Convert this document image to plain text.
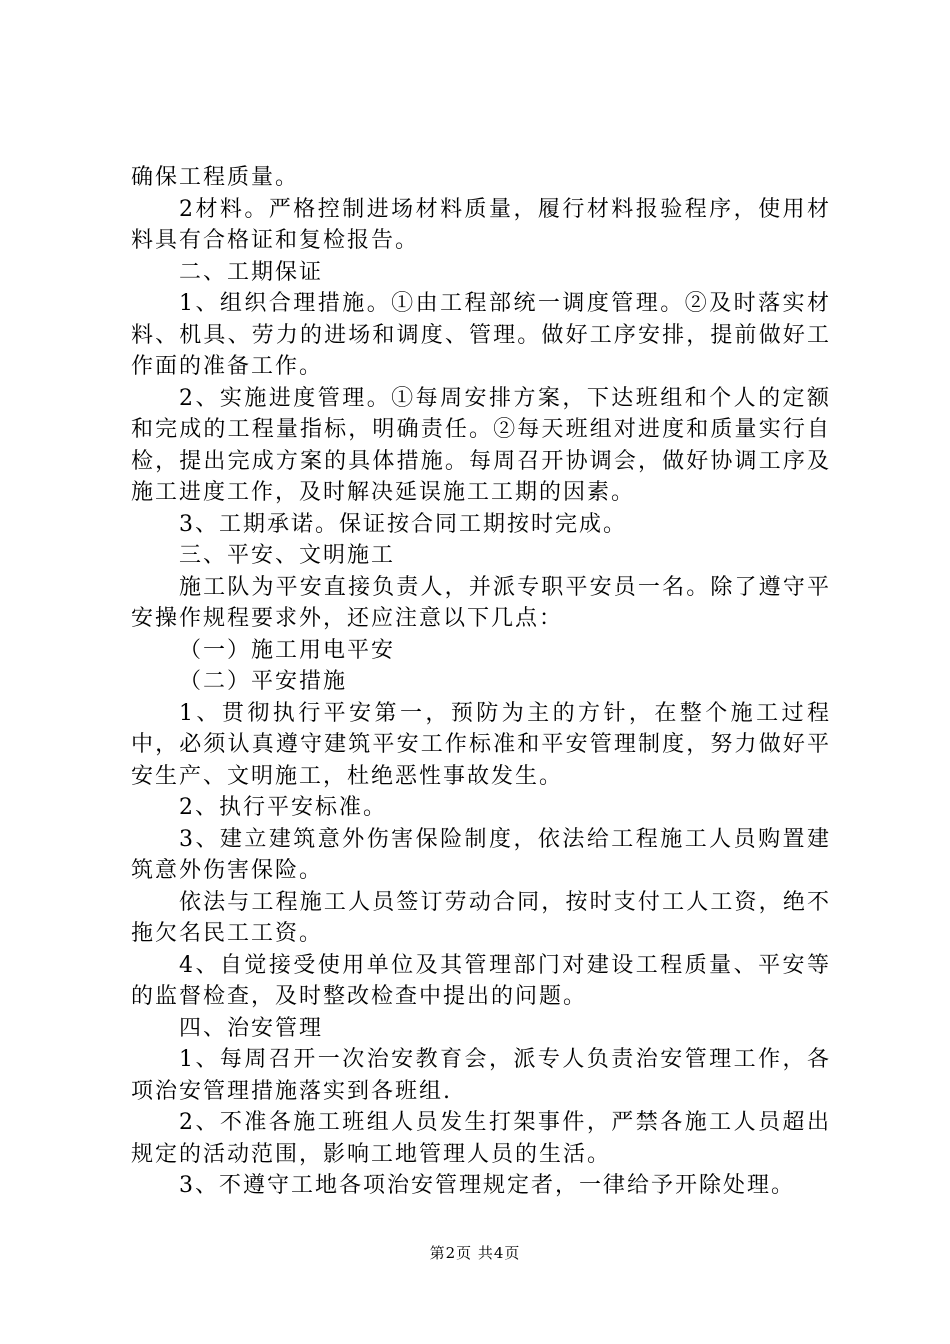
确保工程质量。

2材料。严格控制进场材料质量，履行材料报验程序，使用材料具有合格证和复检报告。

二、工期保证

1、组织合理措施。①由工程部统一调度管理。②及时落实材料、机具、劳力的进场和调度、管理。做好工序安排，提前做好工作面的准备工作。

2、实施进度管理。①每周安排方案，下达班组和个人的定额和完成的工程量指标，明确责任。②每天班组对进度和质量实行自检，提出完成方案的具体措施。每周召开协调会，做好协调工序及施工进度工作，及时解决延误施工工期的因素。

3、工期承诺。保证按合同工期按时完成。

三、平安、文明施工

施工队为平安直接负责人，并派专职平安员一名。除了遵守平安操作规程要求外，还应注意以下几点：

（一）施工用电平安

（二）平安措施

1、贯彻执行平安第一，预防为主的方针，在整个施工过程中，必须认真遵守建筑平安工作标准和平安管理制度，努力做好平安生产、文明施工，杜绝恶性事故发生。

2、执行平安标准。

3、建立建筑意外伤害保险制度，依法给工程施工人员购置建筑意外伤害保险。

依法与工程施工人员签订劳动合同，按时支付工人工资，绝不拖欠名民工工资。

4、自觉接受使用单位及其管理部门对建设工程质量、平安等的监督检查，及时整改检查中提出的问题。

四、治安管理

1、每周召开一次治安教育会，派专人负责治安管理工作，各项治安管理措施落实到各班组.

2、不准各施工班组人员发生打架事件，严禁各施工人员超出规定的活动范围，影响工地管理人员的生活。

3、不遵守工地各项治安管理规定者，一律给予开除处理。

第2页 共4页
